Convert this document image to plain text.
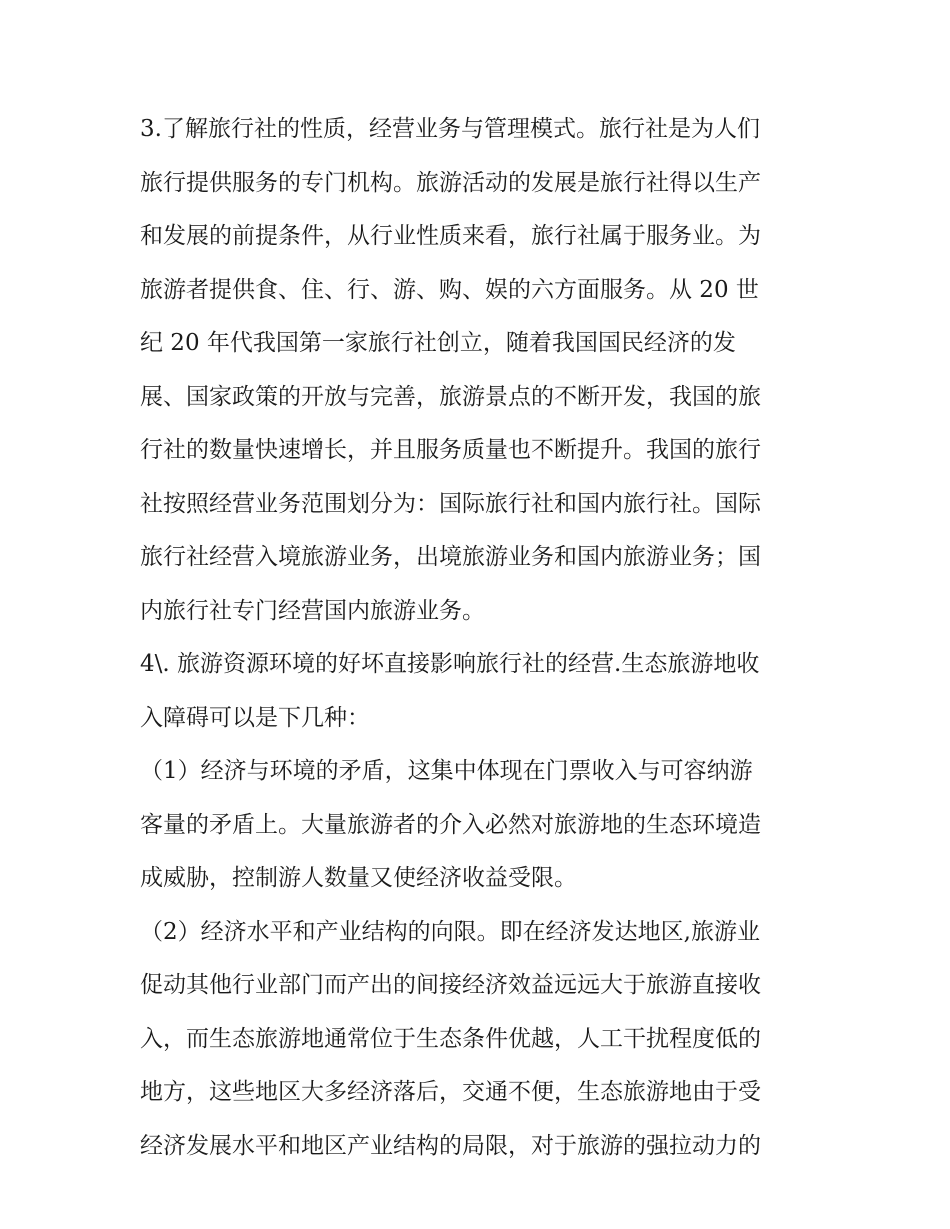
3.了解旅行社的性质，经营业务与管理模式。旅行社是为人们
旅行提供服务的专门机构。旅游活动的发展是旅行社得以生产
和发展的前提条件，从行业性质来看，旅行社属于服务业。为
旅游者提供食、住、行、游、购、娱的六方面服务。从 20 世
纪 20 年代我国第一家旅行社创立，随着我国国民经济的发
展、国家政策的开放与完善，旅游景点的不断开发，我国的旅
行社的数量快速增长，并且服务质量也不断提升。我国的旅行
社按照经营业务范围划分为：国际旅行社和国内旅行社。国际
旅行社经营入境旅游业务，出境旅游业务和国内旅游业务；国
内旅行社专门经营国内旅游业务。
4\. 旅游资源环境的好坏直接影响旅行社的经营.生态旅游地收
入障碍可以是下几种：
（1）经济与环境的矛盾，这集中体现在门票收入与可容纳游
客量的矛盾上。大量旅游者的介入必然对旅游地的生态环境造
成威胁，控制游人数量又使经济收益受限。
（2）经济水平和产业结构的向限。即在经济发达地区,旅游业
促动其他行业部门而产出的间接经济效益远远大于旅游直接收
入，而生态旅游地通常位于生态条件优越，人工干扰程度低的
地方，这些地区大多经济落后，交通不便，生态旅游地由于受
经济发展水平和地区产业结构的局限，对于旅游的强拉动力的
